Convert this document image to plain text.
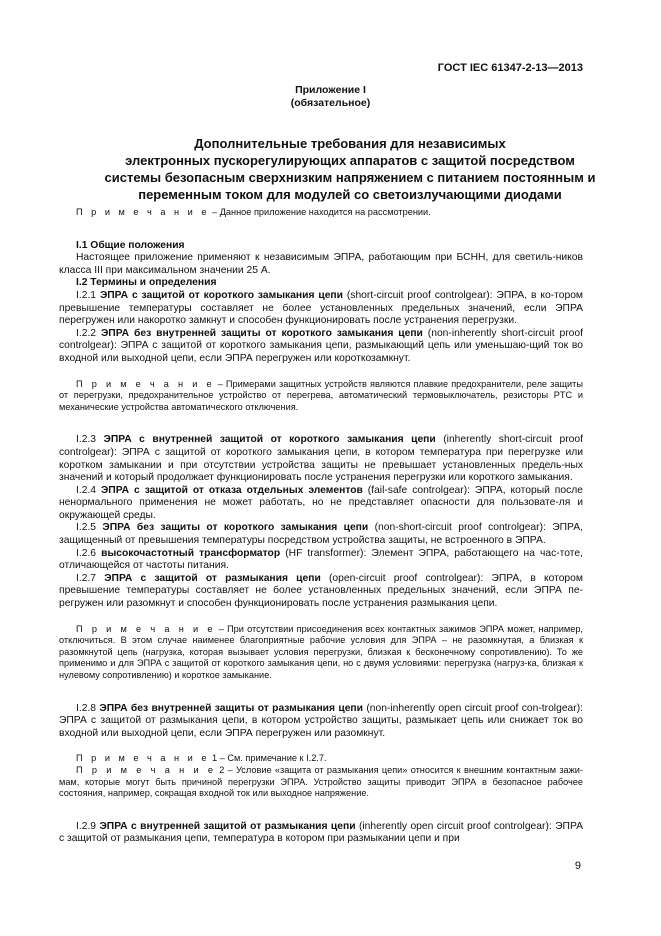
ГОСТ IEC 61347-2-13—2013
Приложение I
(обязательное)
Дополнительные требования для независимых
электронных пускорегулирующих аппаратов с защитой посредством
системы безопасным сверхнизким напряжением с питанием постоянным и
переменным током для модулей со светоизлучающими диодами

П р и м е ч а н и е – Данное приложение находится на рассмотрении.

I.1 Общие положения

Настоящее приложение применяют к независимым ЭПРА, работающим при БСНН, для светиль-ников класса III при максимальном значении 25 А.

I.2 Термины и определения

I.2.1 ЭПРА с защитой от короткого замыкания цепи (short-circuit proof controlgear): ЭПРА, в ко-тором превышение температуры составляет не более установленных предельных значений, если ЭПРА перегружен или накоротко замкнут и способен функционировать после устранения перегрузки.

I.2.2 ЭПРА без внутренней защиты от короткого замыкания цепи (non-inherently short-circuit proof controlgear): ЭПРА с защитой от короткого замыкания цепи, размыкающий цепь или уменьшаю-щий ток во входной или выходной цепи, если ЭПРА перегружен или короткозамкнут.

П р и м е ч а н и е – Примерами защитных устройств являются плавкие предохранители, реле защиты от перегрузки, предохранительное устройство от перегрева, автоматический термовыключатель, резисторы PTC и механические устройства автоматического отключения.

I.2.3 ЭПРА с внутренней защитой от короткого замыкания цепи (inherently short-circuit proof controlgear): ЭПРА с защитой от короткого замыкания цепи, в котором температура при перегрузке или коротком замыкании и при отсутствии устройства защиты не превышает установленных предель-ных значений и который продолжает функционировать после устранения перегрузки или короткого замыкания.

I.2.4 ЭПРА с защитой от отказа отдельных элементов (fail-safe controlgear): ЭПРА, который после ненормального применения не может работать, но не представляет опасности для пользовате-ля и окружающей среды.

I.2.5 ЭПРА без защиты от короткого замыкания цепи (non-short-circuit proof controlgear): ЭПРА, защищенный от превышения температуры посредством устройства защиты, не встроенного в ЭПРА.

I.2.6 высокочастотный трансформатор (HF transformer): Элемент ЭПРА, работающего на час-тоте, отличающейся от частоты питания.

I.2.7 ЭПРА с защитой от размыкания цепи (open-circuit proof controlgear): ЭПРА, в котором превышение температуры составляет не более установленных предельных значений, если ЭПРА пе-регружен или разомкнут и способен функционировать после устранения размыкания цепи.

П р и м е ч а н и е – При отсутствии присоединения всех контактных зажимов ЭПРА может, например, отключиться. В этом случае наименее благоприятные рабочие условия для ЭПРА – не разомкнутая, а близкая к разомкнутой цепь (нагрузка, которая вызывает условия перегрузки, близкая к бесконечному сопротивлению). То же применимо и для ЭПРА с защитой от короткого замыкания цепи, но с двумя условиями: перегрузка (нагруз-ка, близкая к нулевому сопротивлению) и короткое замыкание.

I.2.8 ЭПРА без внутренней защиты от размыкания цепи (non-inherently open circuit proof con-trolgear): ЭПРА с защитой от размыкания цепи, в котором устройство защиты, размыкает цепь или снижает ток во входной или выходной цепи, если ЭПРА перегружен или разомкнут.

П р и м е ч а н и е 1 – См. примечание к I.2.7.

П р и м е ч а н и е 2 – Условие «защита от размыкания цепи» относится к внешним контактным зажи-мам, которые могут быть причиной перегрузки ЭПРА. Устройство защиты приводит ЭПРА в безопасное рабочее состояния, например, сокращая входной ток или выходное напряжение.

I.2.9 ЭПРА с внутренней защитой от размыкания цепи (inherently open circuit proof controlgear): ЭПРА с защитой от размыкания цепи, температура в котором при размыкании цепи и при

9
